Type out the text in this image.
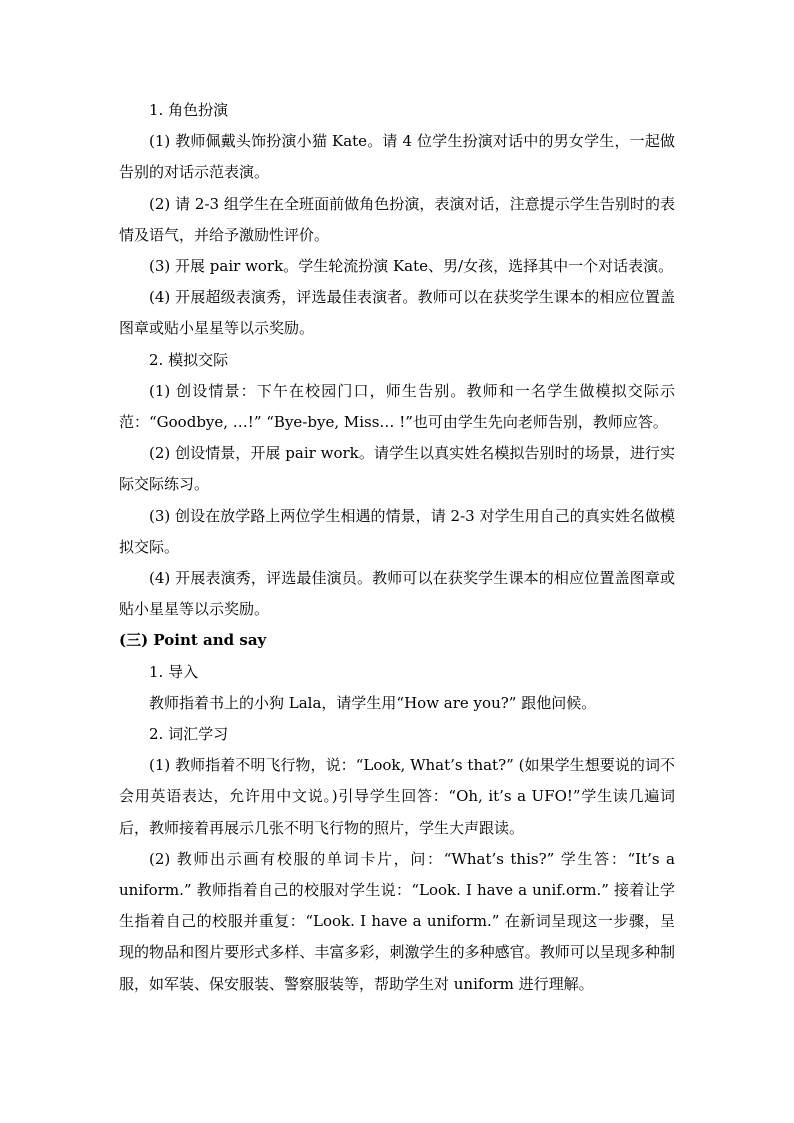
1. 角色扮演

(1) 教师佩戴头饰扮演小猫 Kate。请 4 位学生扮演对话中的男女学生，一起做告别的对话示范表演。

(2) 请 2-3 组学生在全班面前做角色扮演，表演对话，注意提示学生告别时的表情及语气，并给予激励性评价。

(3) 开展 pair work。学生轮流扮演 Kate、男/女孩，选择其中一个对话表演。

(4) 开展超级表演秀，评选最佳表演者。教师可以在获奖学生课本的相应位置盖图章或贴小星星等以示奖励。

2. 模拟交际

(1) 创设情景：下午在校园门口，师生告别。教师和一名学生做模拟交际示范：“Goodbye, …!” “Bye-bye, Miss… !”也可由学生先向老师告别，教师应答。

(2) 创设情景，开展 pair work。请学生以真实姓名模拟告别时的场景，进行实际交际练习。

(3) 创设在放学路上两位学生相遇的情景，请 2-3 对学生用自己的真实姓名做模拟交际。

(4) 开展表演秀，评选最佳演员。教师可以在获奖学生课本的相应位置盖图章或贴小星星等以示奖励。

(三) Point and say

1. 导入

教师指着书上的小狗 Lala，请学生用“How are you?” 跟他问候。

2. 词汇学习

(1) 教师指着不明飞行物，说：“Look, What’s that?” (如果学生想要说的词不会用英语表达，允许用中文说。)引导学生回答：“Oh, it’s a UFO!”学生读几遍词后，教师接着再展示几张不明飞行物的照片，学生大声跟读。

(2) 教师出示画有校服的单词卡片，问：“What’s this?” 学生答：“It’s a uniform.” 教师指着自己的校服对学生说：“Look. I have a unif.orm.” 接着让学生指着自己的校服并重复：“Look. I have a uniform.” 在新词呈现这一步骤，呈现的物品和图片要形式多样、丰富多彩，刺激学生的多种感官。教师可以呈现多种制服，如军装、保安服装、警察服装等，帮助学生对 uniform 进行理解。
